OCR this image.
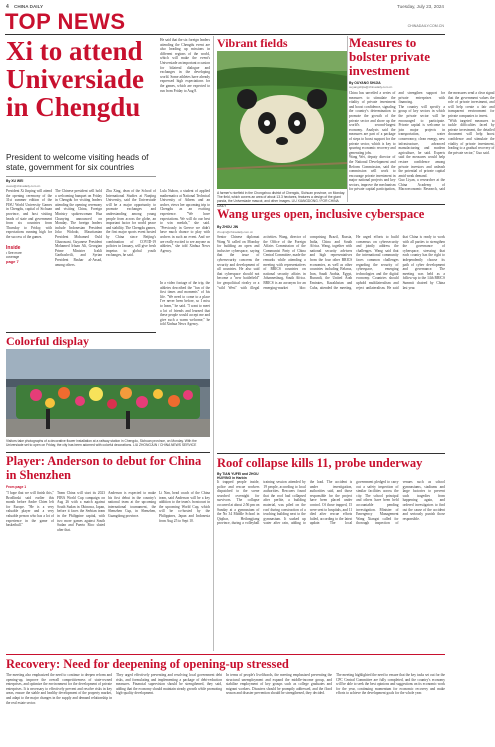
4 CHINA DAILY	Tuesday, July 23, 2024
TOP NEWS	CHINADAILY.COM.CN
Xi to attend Universiade in Chengdu
President to welcome visiting heads of state, government for six countries
By XU WEI
xuwei@chinadaily.com.cn

President Xi Jinping will attend the opening ceremony of the 31st summer edition of the FISU World University Games in Chengdu, capital of Sichuan province, and host visiting heads of state and government from six countries from Thursday to Friday, with expectations running high for the success of the games.

Inside
• See more coverage
page 7

The Chinese president will hold a welcoming banquet on Friday in Chengdu for visiting leaders attending the opening ceremony and visiting China, Foreign Ministry spokeswoman Hua Chunying announced on Monday. The foreign leaders include Indonesian President Joko Widodo, Mauritanian President Mohamed Ould Ghazouani, Guyanese President Mohamed Irfaan Ali, Georgian Prime Minister Irakli Garibashvili, and Syrian President Bashar al-Assad, among others.

Zhu Xing, dean of the School of International Studies at Nanjing University, said the Universiade will be a major opportunity to promote exchanges and understanding among young people from across the globe, an important factor for world peace and stability. The Chengdu games, the first major sports event hosted by China since Beijing's combination of COVID-19 policies in January, will give fresh impetus to global youth exchanges, he said.

Colorful display
Visitors take photographs of a decorative flower installation at a railway station in Chengdu, Sichuan province, on Monday. With the Universiade set to open on Friday, the city has been adorned with colorful decorations. LIU ZHONGJUN / CHINA NEWS SERVICE
Player: Anderson to debut for China in Shenzhen
From page 1

"I hope that we will finish this," Brodlinski said earlier this month before Andre Chien left for Europe. "He is a very valuable player and a very valuable person who has a lot of experience in the game of basketball."

Team China will start its 2023 FIBA World Cup campaign on Aug 26 with a match against South Sudan in Okinawa, Japan, before it faces the Serbian team in the Philippine capital, with two more games against South Sudan and Puerto Rico slated after that.

Anderson is expected to make his first debut in the country's national team at the upcoming international tournament, the Shenzhen Cup, in Shenzhen, Guangdong province.

Li Nan, head coach of the China team, said Anderson will be a key addition to the team's frontcourt in the upcoming World Cup, which will be co-hosted by the Philippines, Japan and Indonesia from Aug 25 to Sept 10.

Lula Nubon, a student of applied mathematics at National Technical University of Athens and an archer, views her upcoming trip to Chengdu as an exciting experience. "We have expectations. We will do our best to win medals," she said. "Previously in Greece we didn't have much chance to play with archers in such an event. And we are really excited to see anyone as athletes," she told Xinhua News Agency.

In a video footage of the trip, the athletes described the "fun of the first times and moments" of his life. "We need to come to a place I've never been before, so I miss to learn," he said. "I want to meet a lot of friends and learned that these people would accept me and give such a warm welcome," he told Xinhua News Agency.

He said that the six foreign leaders attending the Chengdu event are also heading up missions in different regions of the world, which will make the event's Universiade an important occasion for bilateral dialogue and exchanges in the developing world. Some athletes have already expressed high expectations for the games, which are expected to run from Friday to Aug 8.

Vibrant fields
A farmer's ricefield in the Chongzhou district of Chengdu, Sichuan province, on Monday. The field, which covers an area of about 13.3 hectares, features a design of the giant panda, the Universiade mascot, and other images. LIU XIANGDONG / FOR CHINA DAILY
Wang urges open, inclusive cyberspace
By ZHOU JIN
zhoujin@chinadaily.com.cn

Senior Chinese diplomat Wang Yi called on Monday for building an open and inclusive cyberspace, saying that the issue of cybersecurity concerns the security and development of all countries. He also said that cyberspace should not become a "new battlefield" for geopolitical rivalry or a "wild West" with illegal activities. Wang, director of the Office of the Foreign Affairs Commission of the Communist Party of China Central Committee, made the remarks while attending a meeting with representatives of BRICS countries on national security affairs in Johannesburg, South Africa. BRICS is an acronym for an emerging-market bloc comprising Brazil, Russia, India, China and South Africa. Wang, together with national security advisers and high representatives from the four other BRICS economies, as well as other countries including Belarus, Iran, Saudi Arabia, Egypt, Burundi, the United Arab Emirates, Kazakhstan and Cuba, attended the meeting. He urged efforts to build consensus on cybersecurity and jointly address the challenges. Wang said that the international community faces common challenges regarding the security of cyberspace, emerging technologies and the digital economy. Countries should uphold multilateralism and reject unilateralism. He said that China is ready to work with all parties to strengthen the governance of cyberspace, stressing that each country has the right to independently choose its path of cyber development and governance. The meeting was held as a follow-up to the 14th BRICS Summit chaired by China last year.

Roof collapse kills 11, probe underway
By TIAN YUFEI and ZHOU HUIYING in Harbin

It trapped people inside, police and rescue workers dispatched to the scene searched overnight for survivors. The collapse occurred at about 2:56 pm on Sunday at a gymnasium of the No 34 Middle School in Qiqihar, Heilongjiang province, during a volleyball training session attended by 19 people, according to local authorities. Rescuers found that the roof had collapsed after perlite, a building material, was piled on the roof during construction of a teaching building next to the gymnasium. It soaked up water after rain, adding to the load. The accident is under investigation, authorities said, and those responsible for the project have been placed under control. Of those trapped, 15 were sent to hospitals, and 11 died after rescue efforts failed, according to the latest update. The local government pledged to carry out a safety inspection of similar facilities across the city. The school principal and others have been held accountable pending investigation. Minister of Emergency Management Wang Xiangxi called for thorough inspection of venues such as school gymnasiums, stadiums and large factories to prevent such tragedies from happening again, and ordered investigators to find out the cause of the accident and seriously punish those responsible.

Recovery: Need for deepening of opening-up stressed

The meeting also emphasized the need to continue to deepen reform and opening-up, improve the overall competitiveness of state-owned enterprises, and optimize the environment for the development of private enterprises. It is necessary to effectively prevent and resolve risks in key areas, ensure the stable and healthy development of the property market, and adapt to the major changes in the supply and demand relationship in the real estate sector.

They urged effectively preventing and resolving local government debt risks, and formulating and implementing a package of debt-reduction measures. Financial supervision should be strengthened, they said, adding that the economy should maintain steady growth while promoting high-quality development.

In terms of people's livelihoods, the meeting emphasized preventing the structural unemployment and expand the middle-income group, and stabilize employment of key groups such as college graduates and migrant workers. Disasters should be promptly addressed, and the flood season and disaster prevention should be strengthened, they decided.

The meeting highlighted the need to ensure that the key tasks set out for the CPC Central Committee are fully completed, and the country's economy will be able to seek the best opinions and suggestions on its economic work for the year, continuing momentum for economic recovery and make efforts to achieve the development goals for the whole year.

Measures to bolster private investment
By OUYANG SHIJIA
ouyangshijia@chinadaily.com.cn

China has unveiled a series of measures to stimulate the vitality of private investment and boost confidence, signaling the country's determination to promote the growth of the private sector and shore up the world's second-largest economy. Analysts said the measures are part of a package of steps to boost support for the private sector, which is key to spurring economic recovery and generating jobs.

Wang Wei, deputy director of the National Development and Reform Commission, said the commission will work to encourage private investment in major national projects and key sectors, improve the mechanism for private capital participation, and strengthen support for private enterprises with financing.

The country will specify a group of key sectors in which the private sector will be encouraged to participate. Private capital is welcome to join major projects in transportation, water conservancy, clean energy, new infrastructure, advanced manufacturing and modern agriculture, he said. Experts said the measures would help restore confidence among private investors and unleash the potential of private capital amid weak demand.

Guo Liyan, a researcher at the China Academy of Macroeconomic Research, said the measures send a clear signal that the government values the role of private investment, and will help create a fair and transparent environment for private companies to invest.

"With targeted measures to tackle difficulties faced by private investment, the detailed document will help boost confidence and stimulate the vitality of private investment, leading to a gradual recovery of the private sector," Guo said.
